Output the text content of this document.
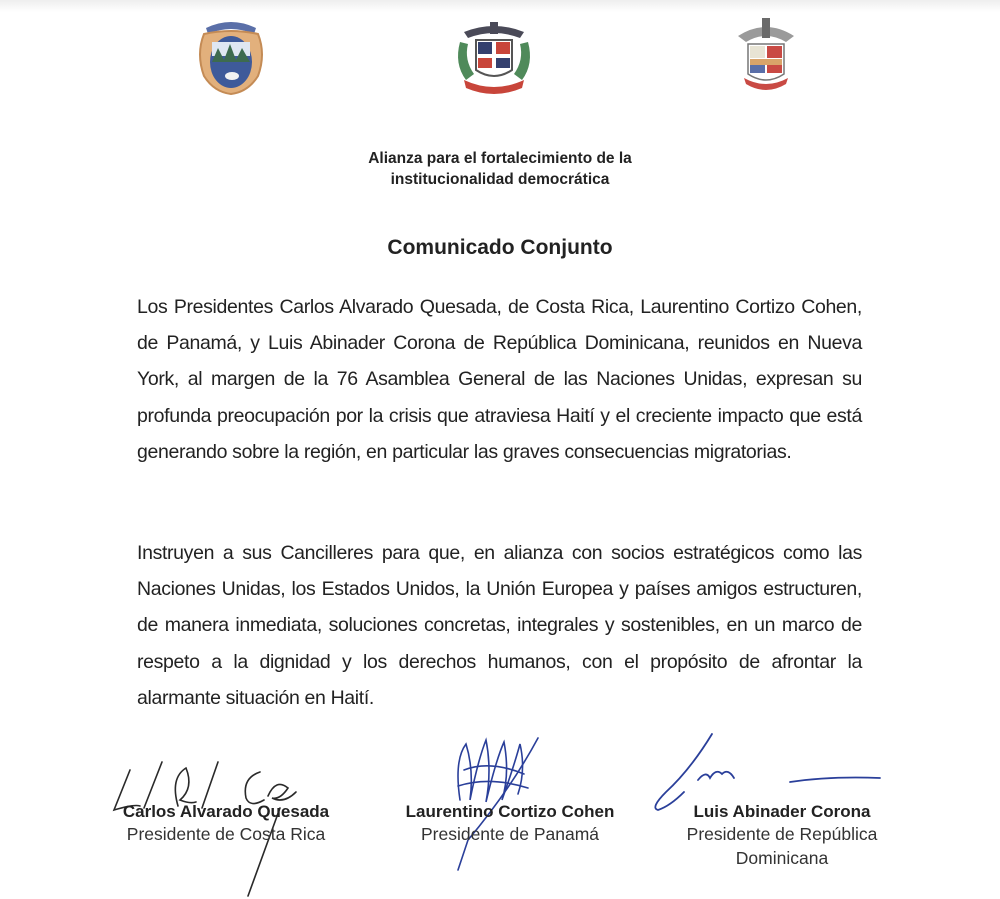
Alianza para el fortalecimiento de la
institucionalidad democrática
Comunicado Conjunto

Los Presidentes Carlos Alvarado Quesada, de Costa Rica, Laurentino Cortizo Cohen, de Panamá, y Luis Abinader Corona de República Dominicana, reunidos en Nueva York, al margen de la 76 Asamblea General de las Naciones Unidas, expresan su profunda preocupación por la crisis que atraviesa Haití y el creciente impacto que está generando sobre la región, en particular las graves consecuencias migratorias.

Instruyen a sus Cancilleres para que, en alianza con socios estratégicos como las Naciones Unidas, los Estados Unidos, la Unión Europea y países amigos estructuren, de manera inmediata, soluciones concretas, integrales y sostenibles, en un marco de respeto a la dignidad y los derechos humanos, con el propósito de afrontar la alarmante situación en Haití.

Carlos Alvarado Quesada
Presidente de Costa Rica
Laurentino Cortizo Cohen
Presidente de Panamá
Luis Abinader Corona
Presidente de República
Dominicana
